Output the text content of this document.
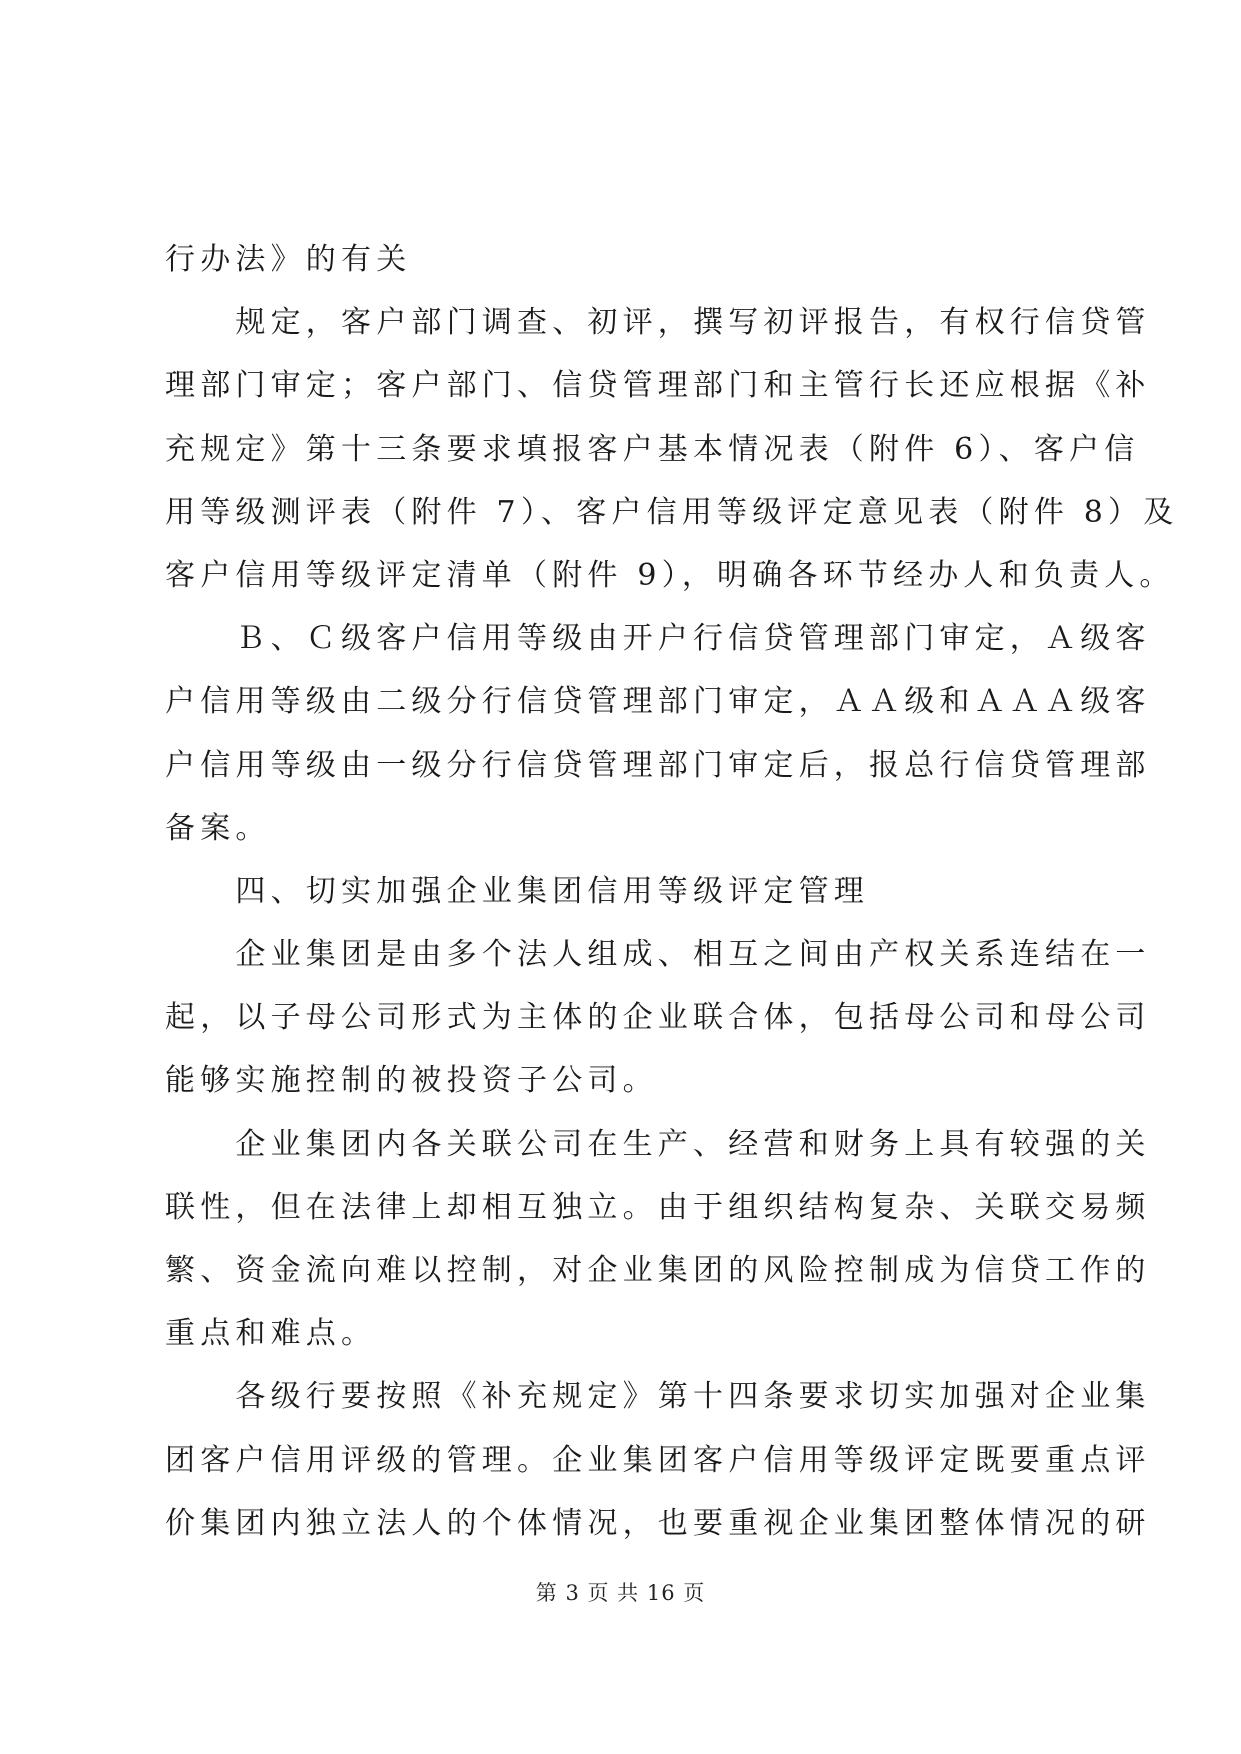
行办法》的有关
　　规定，客户部门调查、初评，撰写初评报告，有权行信贷管
理部门审定；客户部门、信贷管理部门和主管行长还应根据《补
充规定》第十三条要求填报客户基本情况表（附件 6）、客户信
用等级测评表（附件 7）、客户信用等级评定意见表（附件 8）及
客户信用等级评定清单（附件 9），明确各环节经办人和负责人。
　　Ｂ、Ｃ级客户信用等级由开户行信贷管理部门审定，Ａ级客
户信用等级由二级分行信贷管理部门审定，ＡＡ级和ＡＡＡ级客
户信用等级由一级分行信贷管理部门审定后，报总行信贷管理部
备案。
　　四、切实加强企业集团信用等级评定管理
　　企业集团是由多个法人组成、相互之间由产权关系连结在一
起，以子母公司形式为主体的企业联合体，包括母公司和母公司
能够实施控制的被投资子公司。
　　企业集团内各关联公司在生产、经营和财务上具有较强的关
联性，但在法律上却相互独立。由于组织结构复杂、关联交易频
繁、资金流向难以控制，对企业集团的风险控制成为信贷工作的
重点和难点。
　　各级行要按照《补充规定》第十四条要求切实加强对企业集
团客户信用评级的管理。企业集团客户信用等级评定既要重点评
价集团内独立法人的个体情况，也要重视企业集团整体情况的研
第 3 页 共 16 页
